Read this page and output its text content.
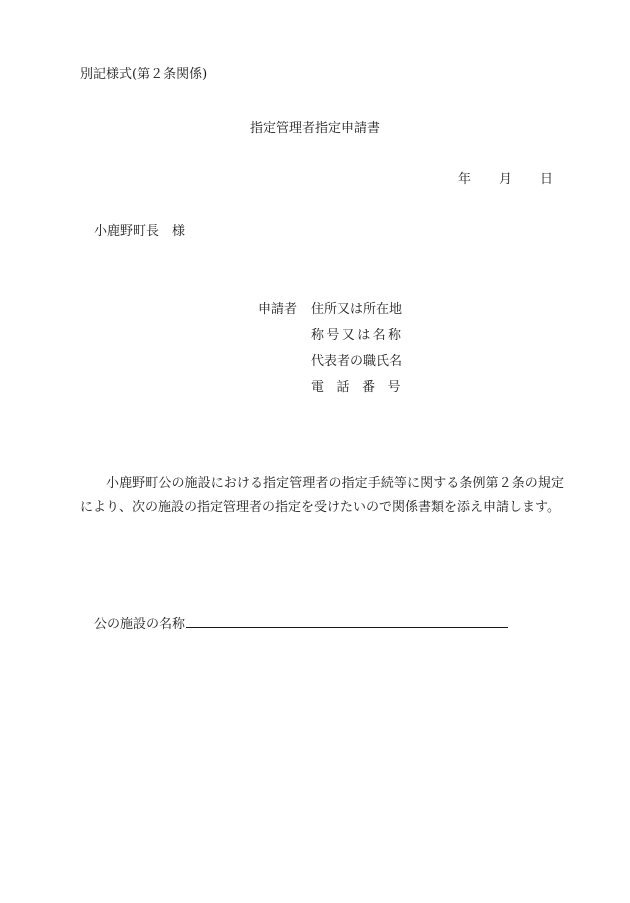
別記様式(第２条関係)
指定管理者指定申請書
年 月 日
小鹿野町長 様
申請者 住所又は所在地
称号又は名称
代表者の職氏名
電話番号

小鹿野町公の施設における指定管理者の指定手続等に関する条例第２条の規定により、次の施設の指定管理者の指定を受けたいので関係書類を添え申請します。

公の施設の名称
